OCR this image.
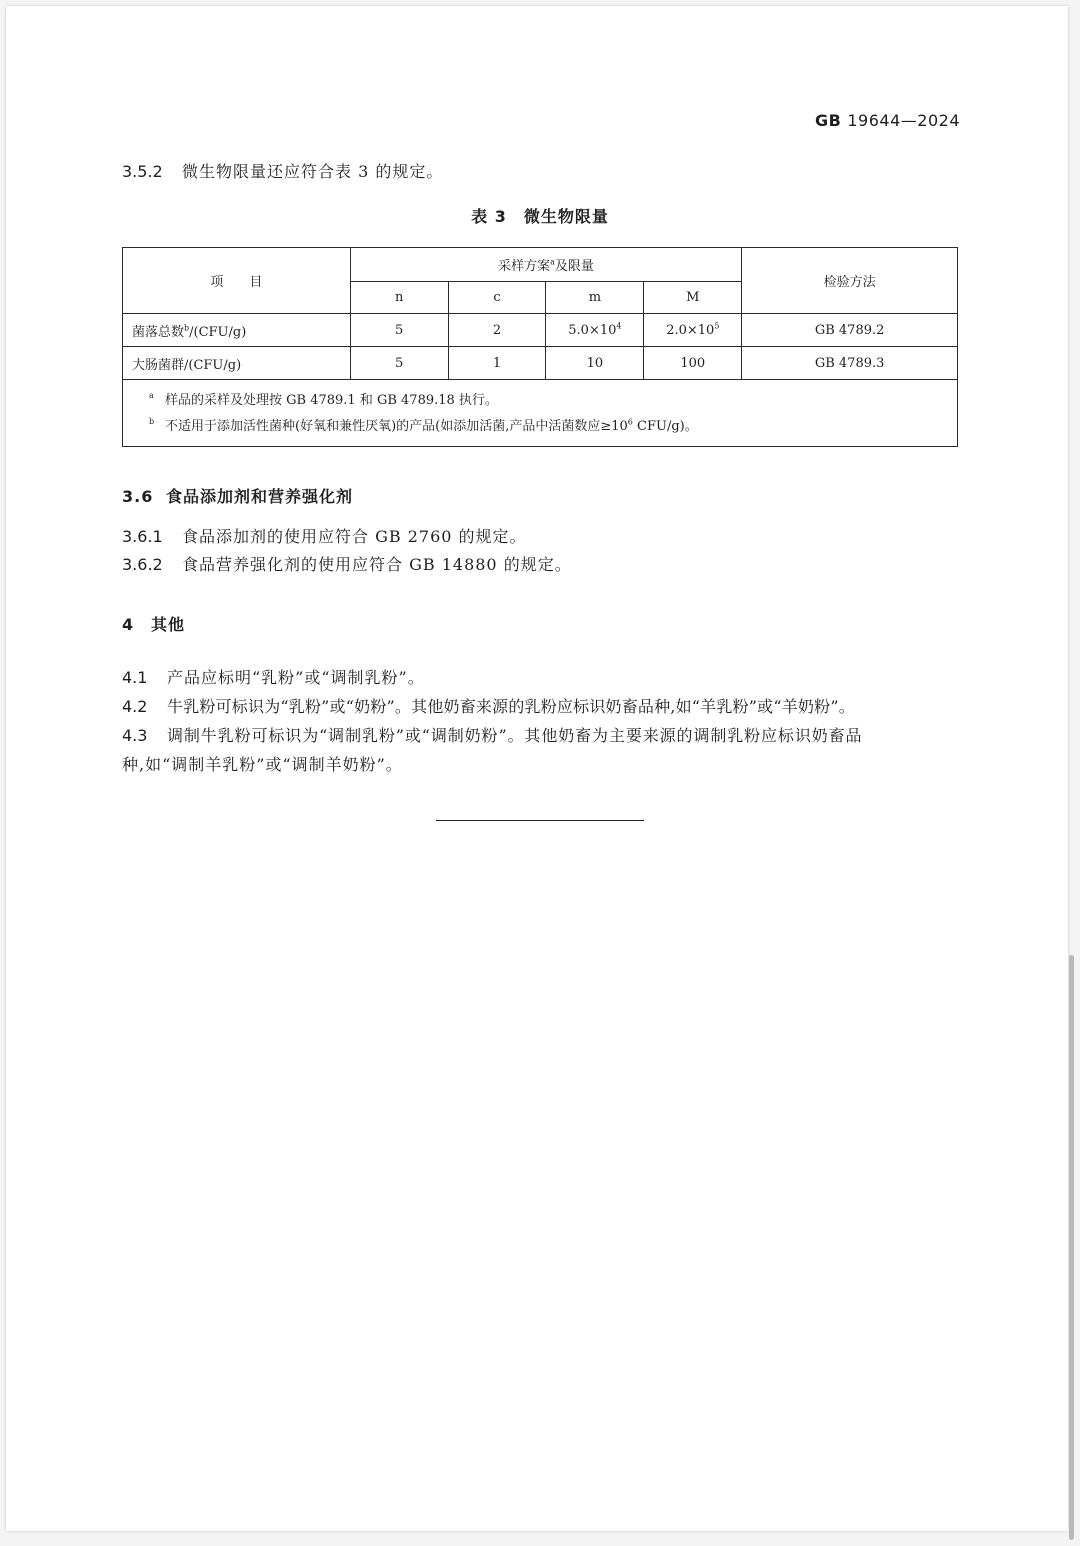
GB 19644—2024
3.5.2 微生物限量还应符合表 3 的规定。
表 3　微生物限量
项　　目	采样方案$^a$及限量				检验方法
	n	c	m	M	
菌落总数$^b$/(CFU/g)	5	2	$5.0\times 10^4$	$2.0\times 10^5$	GB 4789.2
大肠菌群/(CFU/g)	5	1	10	100	GB 4789.3

a 样品的采样及处理按 GB 4789.1 和 GB 4789.18 执行。
b 不适用于添加活性菌种(好氧和兼性厌氧)的产品(如添加活菌,产品中活菌数应$\ge 10^6$ CFU/g)。					
3.6 食品添加剂和营养强化剂
3.6.1 食品添加剂的使用应符合 GB 2760 的规定。
3.6.2 食品营养强化剂的使用应符合 GB 14880 的规定。
4 其他
4.1 产品应标明“乳粉”或“调制乳粉”。
4.2 牛乳粉可标识为“乳粉”或“奶粉”。其他奶畜来源的乳粉应标识奶畜品种,如“羊乳粉”或“羊奶粉”。
4.3 调制牛乳粉可标识为“调制乳粉”或“调制奶粉”。其他奶畜为主要来源的调制乳粉应标识奶畜品
种,如“调制羊乳粉”或“调制羊奶粉”。
